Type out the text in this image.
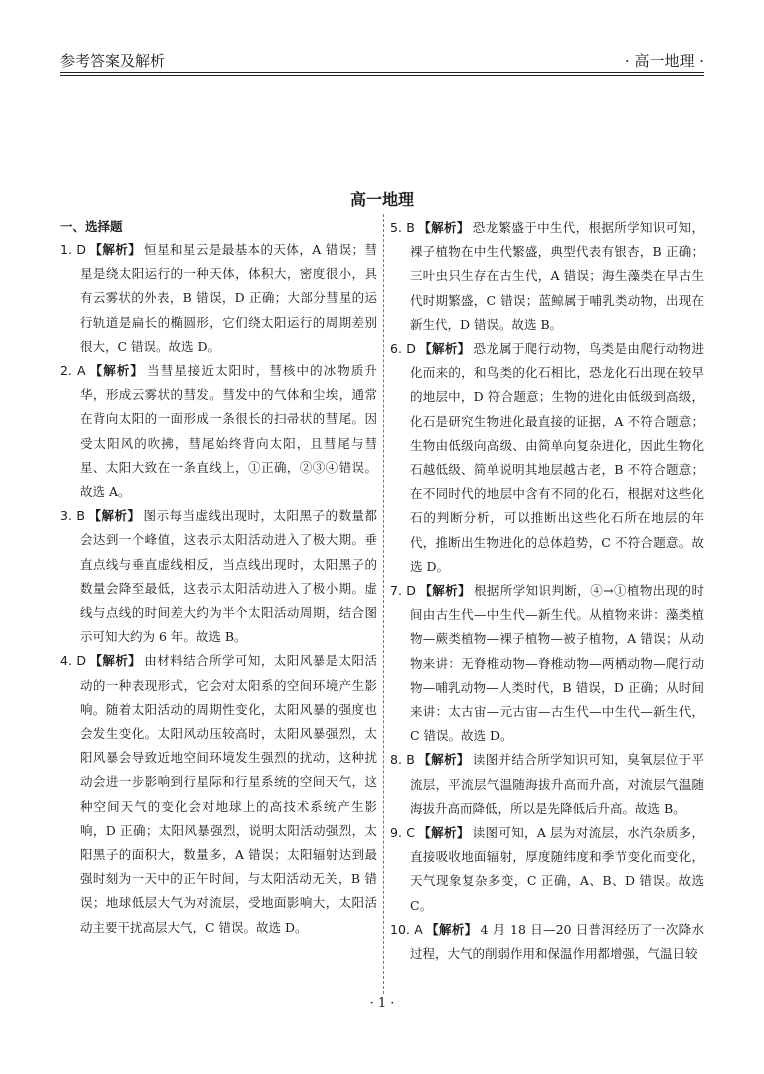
参考答案及解析	· 高一地理 ·
高一地理
一、选择题
1. D 【解析】 恒星和星云是最基本的天体，A 错误；彗星是绕太阳运行的一种天体，体积大，密度很小，具有云雾状的外表，B 错误，D 正确；大部分彗星的运行轨道是扁长的椭圆形，它们绕太阳运行的周期差别很大，C 错误。故选 D。
2. A 【解析】 当彗星接近太阳时，彗核中的冰物质升华，形成云雾状的彗发。彗发中的气体和尘埃，通常在背向太阳的一面形成一条很长的扫帚状的彗尾。因受太阳风的吹拂，彗尾始终背向太阳，且彗尾与彗星、太阳大致在一条直线上，①正确，②③④错误。故选 A。
3. B 【解析】 图示每当虚线出现时，太阳黑子的数量都会达到一个峰值，这表示太阳活动进入了极大期。垂直点线与垂直虚线相反，当点线出现时，太阳黑子的数量会降至最低，这表示太阳活动进入了极小期。虚线与点线的时间差大约为半个太阳活动周期，结合图示可知大约为 6 年。故选 B。
4. D 【解析】 由材料结合所学可知，太阳风暴是太阳活动的一种表现形式，它会对太阳系的空间环境产生影响。随着太阳活动的周期性变化，太阳风暴的强度也会发生变化。太阳风动压较高时，太阳风暴强烈，太阳风暴会导致近地空间环境发生强烈的扰动，这种扰动会进一步影响到行星际和行星系统的空间天气，这种空间天气的变化会对地球上的高技术系统产生影响，D 正确；太阳风暴强烈，说明太阳活动强烈，太阳黑子的面积大，数量多，A 错误；太阳辐射达到最强时刻为一天中的正午时间，与太阳活动无关，B 错误；地球低层大气为对流层，受地面影响大，太阳活动主要干扰高层大气，C 错误。故选 D。
5. B 【解析】 恐龙繁盛于中生代，根据所学知识可知，裸子植物在中生代繁盛，典型代表有银杏，B 正确；三叶虫只生存在古生代，A 错误；海生藻类在早古生代时期繁盛，C 错误；蓝鲸属于哺乳类动物，出现在新生代，D 错误。故选 B。
6. D 【解析】 恐龙属于爬行动物，鸟类是由爬行动物进化而来的，和鸟类的化石相比，恐龙化石出现在较早的地层中，D 符合题意；生物的进化由低级到高级，化石是研究生物进化最直接的证据，A 不符合题意；生物由低级向高级、由简单向复杂进化，因此生物化石越低级、简单说明其地层越古老，B 不符合题意；在不同时代的地层中含有不同的化石，根据对这些化石的判断分析，可以推断出这些化石所在地层的年代，推断出生物进化的总体趋势，C 不符合题意。故选 D。
7. D 【解析】 根据所学知识判断，④→①植物出现的时间由古生代—中生代—新生代。从植物来讲：藻类植物—蕨类植物—裸子植物—被子植物，A 错误；从动物来讲：无脊椎动物—脊椎动物—两栖动物—爬行动物—哺乳动物—人类时代，B 错误，D 正确；从时间来讲：太古宙—元古宙—古生代—中生代—新生代，C 错误。故选 D。
8. B 【解析】 读图并结合所学知识可知，臭氧层位于平流层，平流层气温随海拔升高而升高，对流层气温随海拔升高而降低，所以是先降低后升高。故选 B。
9. C 【解析】 读图可知，A 层为对流层，水汽杂质多，直接吸收地面辐射，厚度随纬度和季节变化而变化，天气现象复杂多变，C 正确，A、B、D 错误。故选 C。
10. A 【解析】 4 月 18 日—20 日普洱经历了一次降水过程，大气的削弱作用和保温作用都增强，气温日较
· 1 ·
